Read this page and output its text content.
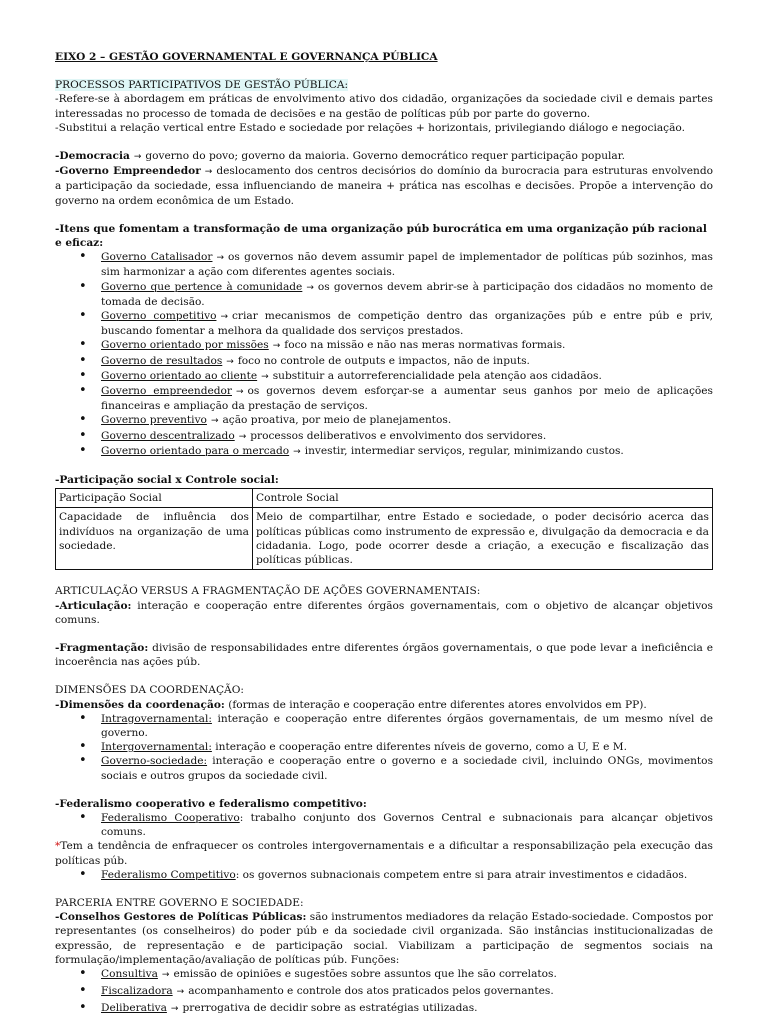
EIXO 2 – GESTÃO GOVERNAMENTAL E GOVERNANÇA PÚBLICA
PROCESSOS PARTICIPATIVOS DE GESTÃO PÚBLICA:
-Refere-se à abordagem em práticas de envolvimento ativo dos cidadão, organizações da sociedade civil e demais partes interessadas no processo de tomada de decisões e na gestão de políticas púb por parte do governo.
-Substitui a relação vertical entre Estado e sociedade por relações + horizontais, privilegiando diálogo e negociação.
-Democracia → governo do povo; governo da maioria. Governo democrático requer participação popular.
-Governo Empreendedor → deslocamento dos centros decisórios do domínio da burocracia para estruturas envolvendo a participação da sociedade, essa influenciando de maneira + prática nas escolhas e decisões. Propõe a intervenção do governo na ordem econômica de um Estado.
-Itens que fomentam a transformação de uma organização púb burocrática em uma organização púb racional e eficaz:
• Governo Catalisador → os governos não devem assumir papel de implementador de políticas púb sozinhos, mas sim harmonizar a ação com diferentes agentes sociais.
• Governo que pertence à comunidade → os governos devem abrir-se à participação dos cidadãos no momento de tomada de decisão.
• Governo competitivo → criar mecanismos de competição dentro das organizações púb e entre púb e priv, buscando fomentar a melhora da qualidade dos serviços prestados.
• Governo orientado por missões → foco na missão e não nas meras normativas formais.
• Governo de resultados → foco no controle de outputs e impactos, não de inputs.
• Governo orientado ao cliente → substituir a autorreferencialidade pela atenção aos cidadãos.
• Governo empreendedor → os governos devem esforçar-se a aumentar seus ganhos por meio de aplicações financeiras e ampliação da prestação de serviços.
• Governo preventivo → ação proativa, por meio de planejamentos.
• Governo descentralizado → processos deliberativos e envolvimento dos servidores.
• Governo orientado para o mercado → investir, intermediar serviços, regular, minimizando custos.
-Participação social x Controle social:
Participação Social	Controle Social
Capacidade de influência dos indivíduos na organização de uma sociedade.	Meio de compartilhar, entre Estado e sociedade, o poder decisório acerca das políticas públicas como instrumento de expressão e, divulgação da democracia e da cidadania. Logo, pode ocorrer desde a criação, a execução e fiscalização das políticas públicas.
ARTICULAÇÃO VERSUS A FRAGMENTAÇÃO DE AÇÕES GOVERNAMENTAIS:
-Articulação: interação e cooperação entre diferentes órgãos governamentais, com o objetivo de alcançar objetivos comuns.
-Fragmentação: divisão de responsabilidades entre diferentes órgãos governamentais, o que pode levar a ineficiência e incoerência nas ações púb.
DIMENSÕES DA COORDENAÇÃO:
-Dimensões da coordenação: (formas de interação e cooperação entre diferentes atores envolvidos em PP).
• Intragovernamental: interação e cooperação entre diferentes órgãos governamentais, de um mesmo nível de governo.
• Intergovernamental: interação e cooperação entre diferentes níveis de governo, como a U, E e M.
• Governo-sociedade: interação e cooperação entre o governo e a sociedade civil, incluindo ONGs, movimentos sociais e outros grupos da sociedade civil.
-Federalismo cooperativo e federalismo competitivo:
• Federalismo Cooperativo: trabalho conjunto dos Governos Central e subnacionais para alcançar objetivos comuns.
*Tem a tendência de enfraquecer os controles intergovernamentais e a dificultar a responsabilização pela execução das políticas púb.
• Federalismo Competitivo: os governos subnacionais competem entre si para atrair investimentos e cidadãos.
PARCERIA ENTRE GOVERNO E SOCIEDADE:
-Conselhos Gestores de Políticas Públicas: são instrumentos mediadores da relação Estado-sociedade. Compostos por representantes (os conselheiros) do poder púb e da sociedade civil organizada. São instâncias institucionalizadas de expressão, de representação e de participação social. Viabilizam a participação de segmentos sociais na formulação/implementação/avaliação de políticas púb. Funções:
• Consultiva → emissão de opiniões e sugestões sobre assuntos que lhe são correlatos.
• Fiscalizadora → acompanhamento e controle dos atos praticados pelos governantes.
• Deliberativa → prerrogativa de decidir sobre as estratégias utilizadas.
